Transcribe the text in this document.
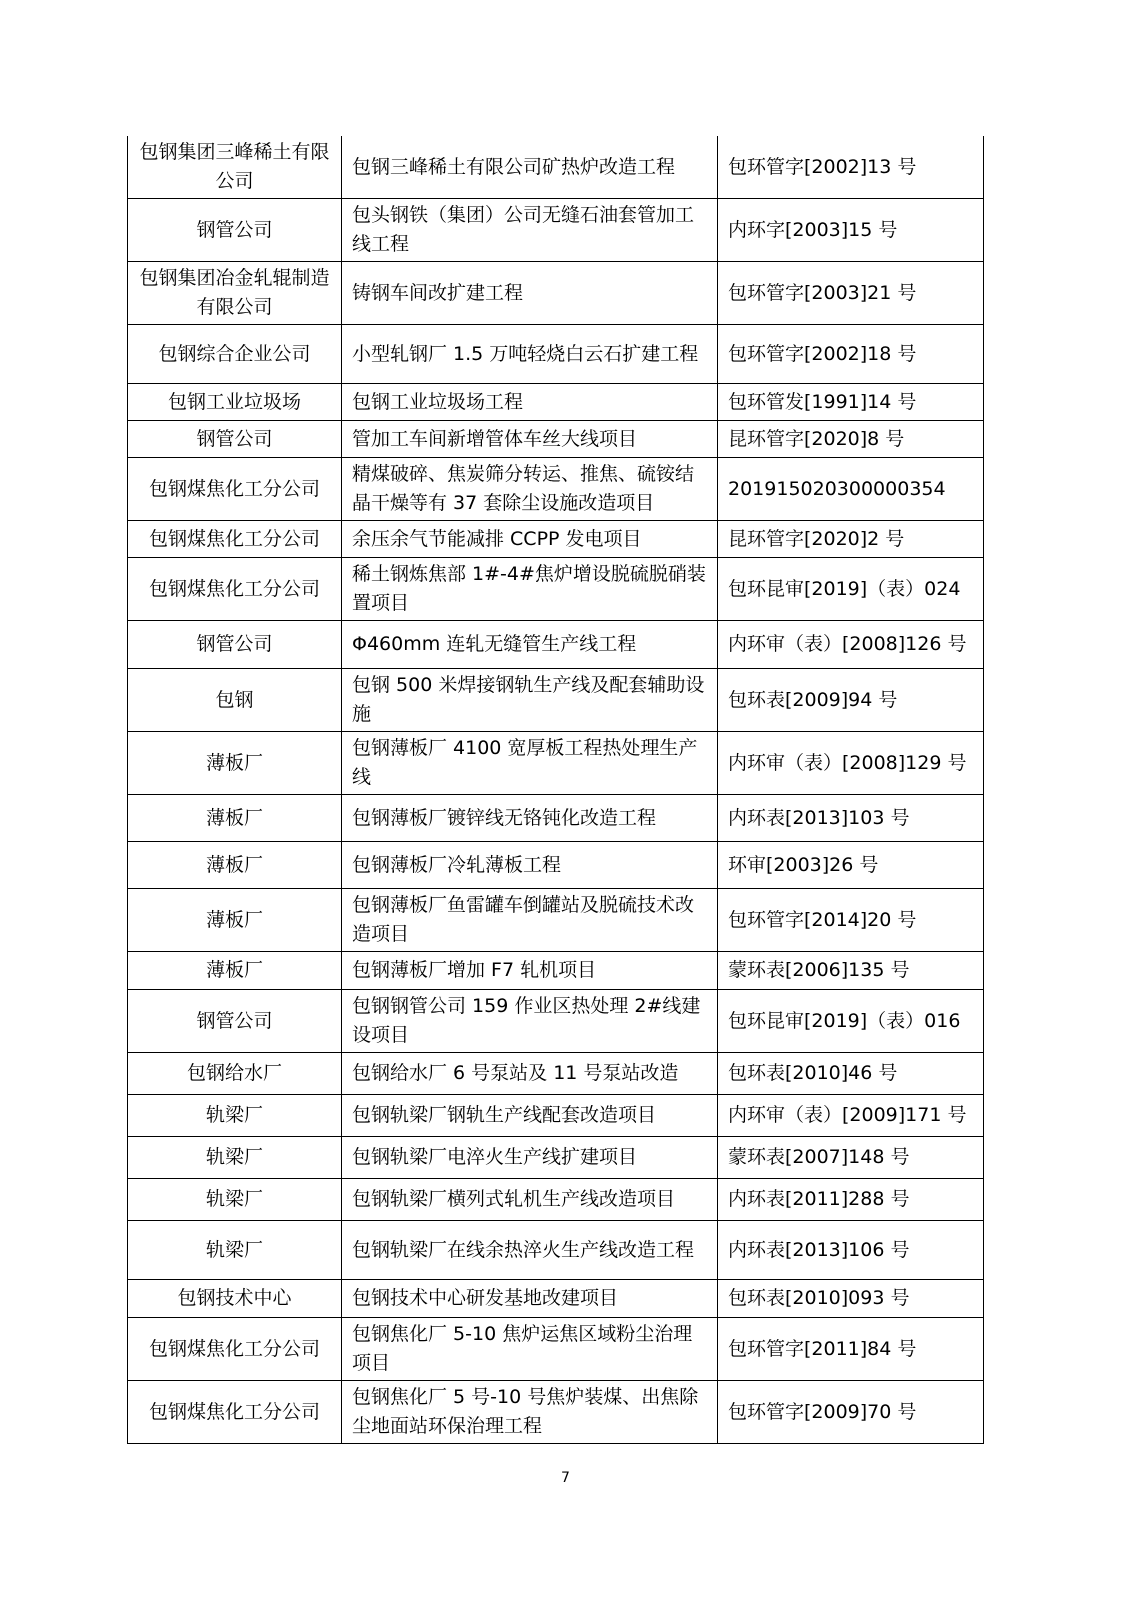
包钢集团三峰稀土有限公司	包钢三峰稀土有限公司矿热炉改造工程	包环管字[2002]13 号
钢管公司	包头钢铁（集团）公司无缝石油套管加工线工程	内环字[2003]15 号
包钢集团冶金轧辊制造有限公司	铸钢车间改扩建工程	包环管字[2003]21 号
包钢综合企业公司	小型轧钢厂 1.5 万吨轻烧白云石扩建工程	包环管字[2002]18 号
包钢工业垃圾场	包钢工业垃圾场工程	包环管发[1991]14 号
钢管公司	管加工车间新增管体车丝大线项目	昆环管字[2020]8 号
包钢煤焦化工分公司	精煤破碎、焦炭筛分转运、推焦、硫铵结晶干燥等有 37 套除尘设施改造项目	201915020300000354
包钢煤焦化工分公司	余压余气节能减排 CCPP 发电项目	昆环管字[2020]2 号
包钢煤焦化工分公司	稀土钢炼焦部 1#-4#焦炉增设脱硫脱硝装置项目	包环昆审[2019]（表）024
钢管公司	Φ460mm 连轧无缝管生产线工程	内环审（表）[2008]126 号
包钢	包钢 500 米焊接钢轨生产线及配套辅助设施	包环表[2009]94 号
薄板厂	包钢薄板厂 4100 宽厚板工程热处理生产线	内环审（表）[2008]129 号
薄板厂	包钢薄板厂镀锌线无铬钝化改造工程	内环表[2013]103 号
薄板厂	包钢薄板厂冷轧薄板工程	环审[2003]26 号
薄板厂	包钢薄板厂鱼雷罐车倒罐站及脱硫技术改造项目	包环管字[2014]20 号
薄板厂	包钢薄板厂增加 F7 轧机项目	蒙环表[2006]135 号
钢管公司	包钢钢管公司 159 作业区热处理 2#线建设项目	包环昆审[2019]（表）016
包钢给水厂	包钢给水厂 6 号泵站及 11 号泵站改造	包环表[2010]46 号
轨梁厂	包钢轨梁厂钢轨生产线配套改造项目	内环审（表）[2009]171 号
轨梁厂	包钢轨梁厂电淬火生产线扩建项目	蒙环表[2007]148 号
轨梁厂	包钢轨梁厂横列式轧机生产线改造项目	内环表[2011]288 号
轨梁厂	包钢轨梁厂在线余热淬火生产线改造工程	内环表[2013]106 号
包钢技术中心	包钢技术中心研发基地改建项目	包环表[2010]093 号
包钢煤焦化工分公司	包钢焦化厂 5-10 焦炉运焦区域粉尘治理项目	包环管字[2011]84 号
包钢煤焦化工分公司	包钢焦化厂 5 号-10 号焦炉装煤、出焦除尘地面站环保治理工程	包环管字[2009]70 号
7
